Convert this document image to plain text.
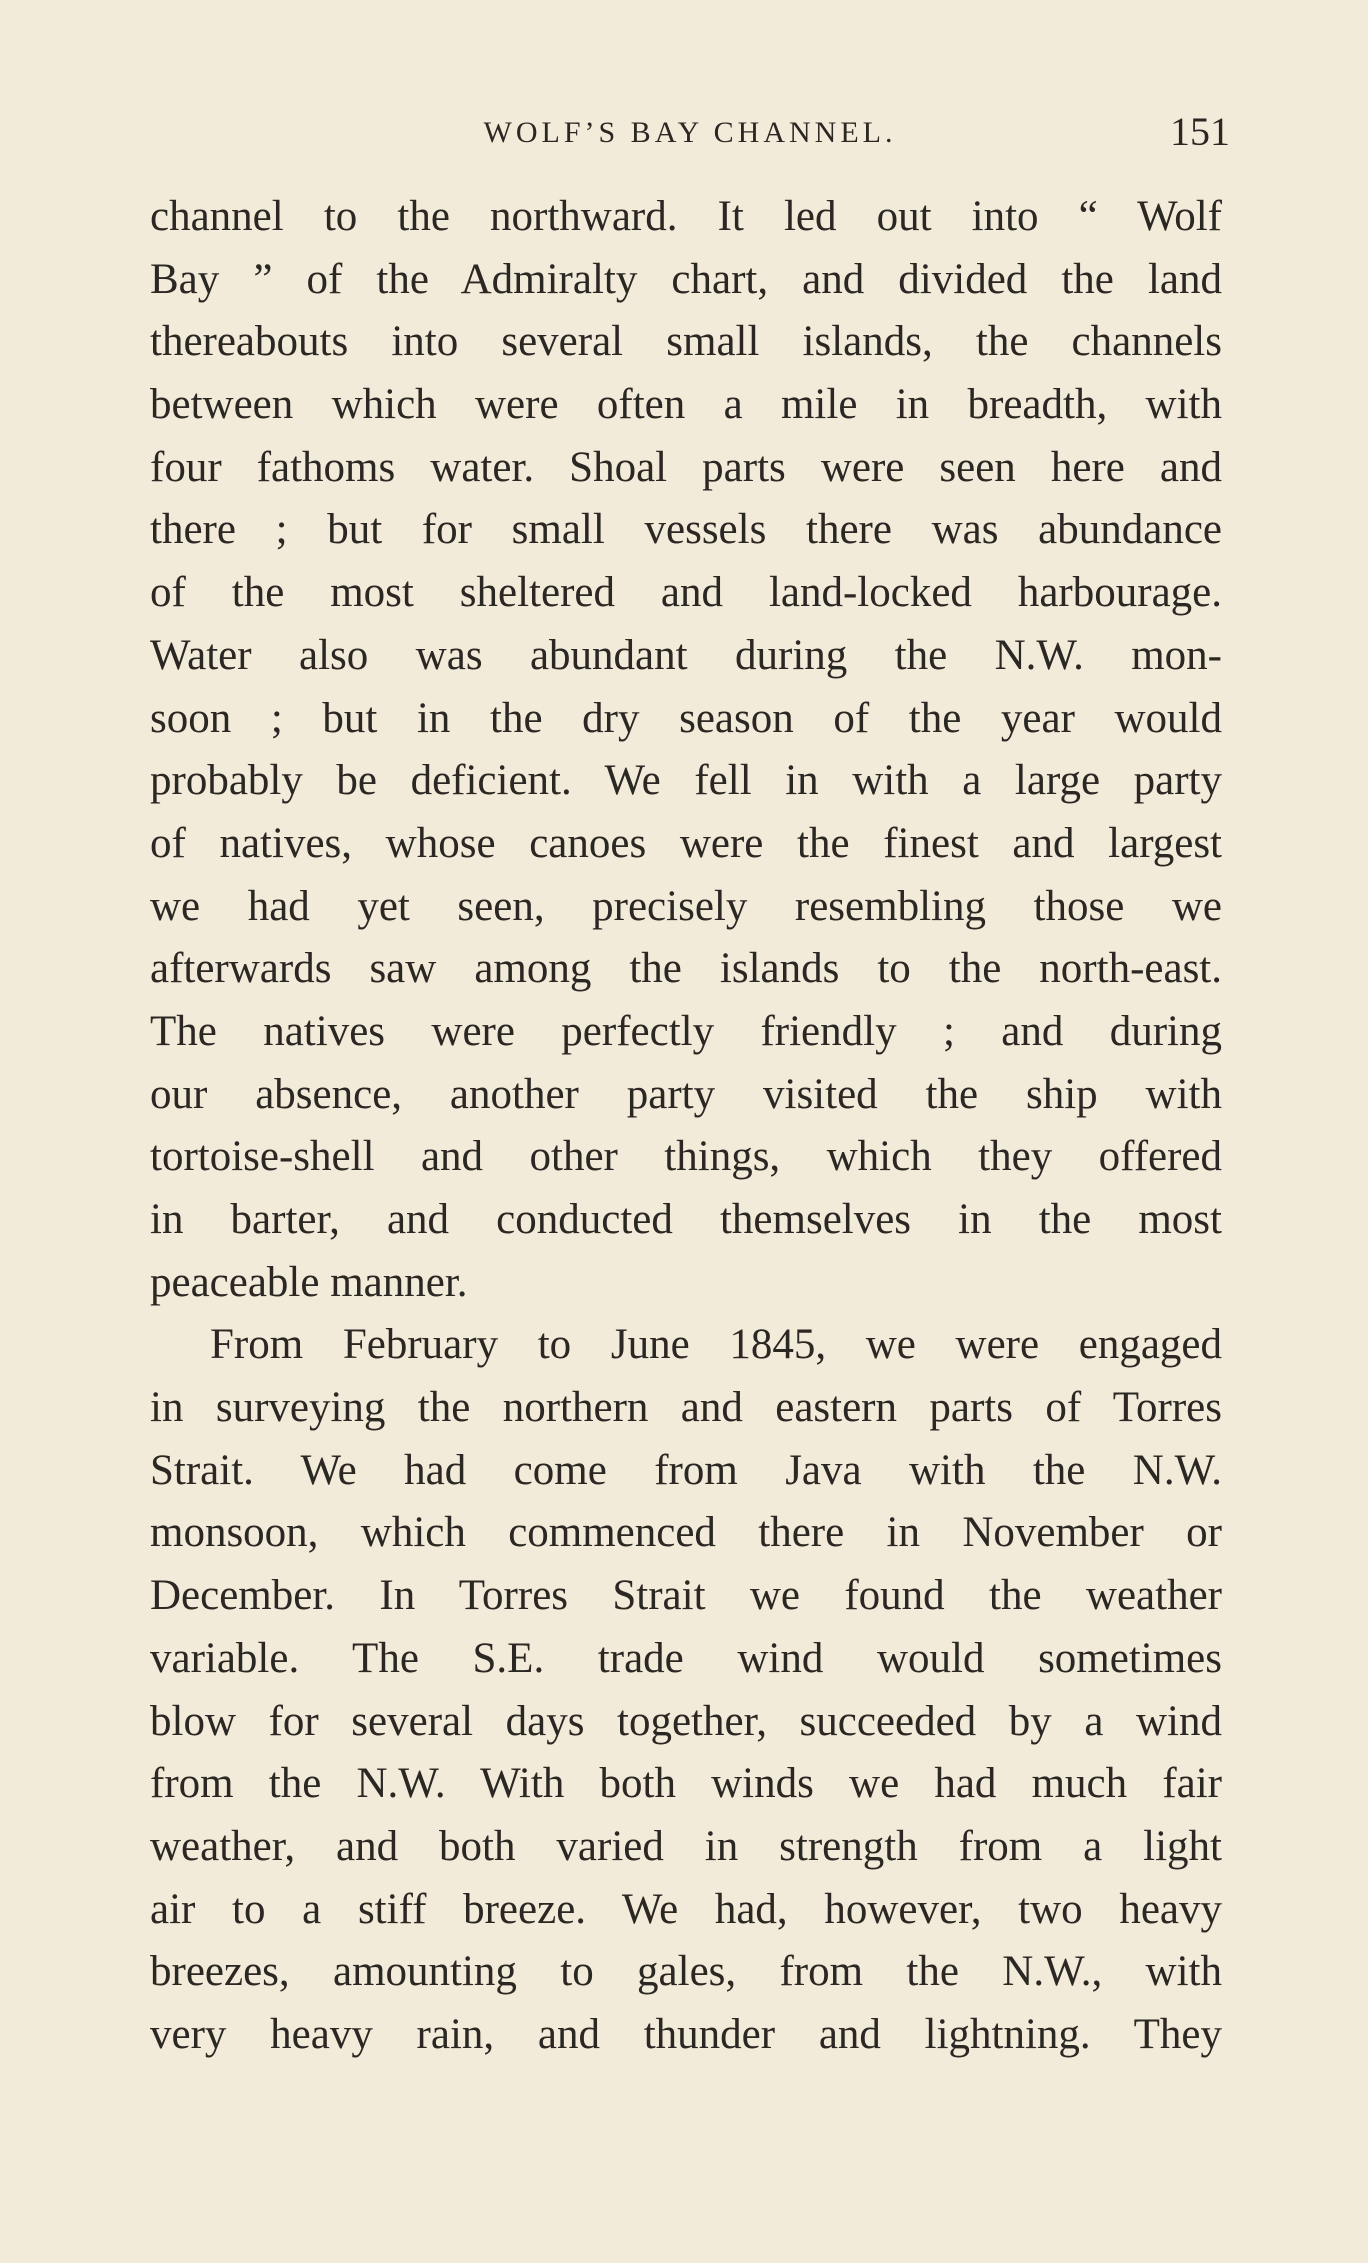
WOLF’S BAY CHANNEL.	151
channel to the northward. It led out into “ Wolf
Bay ” of the Admiralty chart, and divided the land
thereabouts into several small islands, the channels
between which were often a mile in breadth, with
four fathoms water. Shoal parts were seen here and
there ; but for small vessels there was abundance
of the most sheltered and land-locked harbourage.
Water also was abundant during the N.W. mon-
soon ; but in the dry season of the year would
probably be deficient. We fell in with a large party
of natives, whose canoes were the finest and largest
we had yet seen, precisely resembling those we
afterwards saw among the islands to the north-east.
The natives were perfectly friendly ; and during
our absence, another party visited the ship with
tortoise-shell and other things, which they offered
in barter, and conducted themselves in the most
peaceable manner.
From February to June 1845, we were engaged
in surveying the northern and eastern parts of Torres
Strait. We had come from Java with the N.W.
monsoon, which commenced there in November or
December. In Torres Strait we found the weather
variable. The S.E. trade wind would sometimes
blow for several days together, succeeded by a wind
from the N.W. With both winds we had much fair
weather, and both varied in strength from a light
air to a stiff breeze. We had, however, two heavy
breezes, amounting to gales, from the N.W., with
very heavy rain, and thunder and lightning. They
